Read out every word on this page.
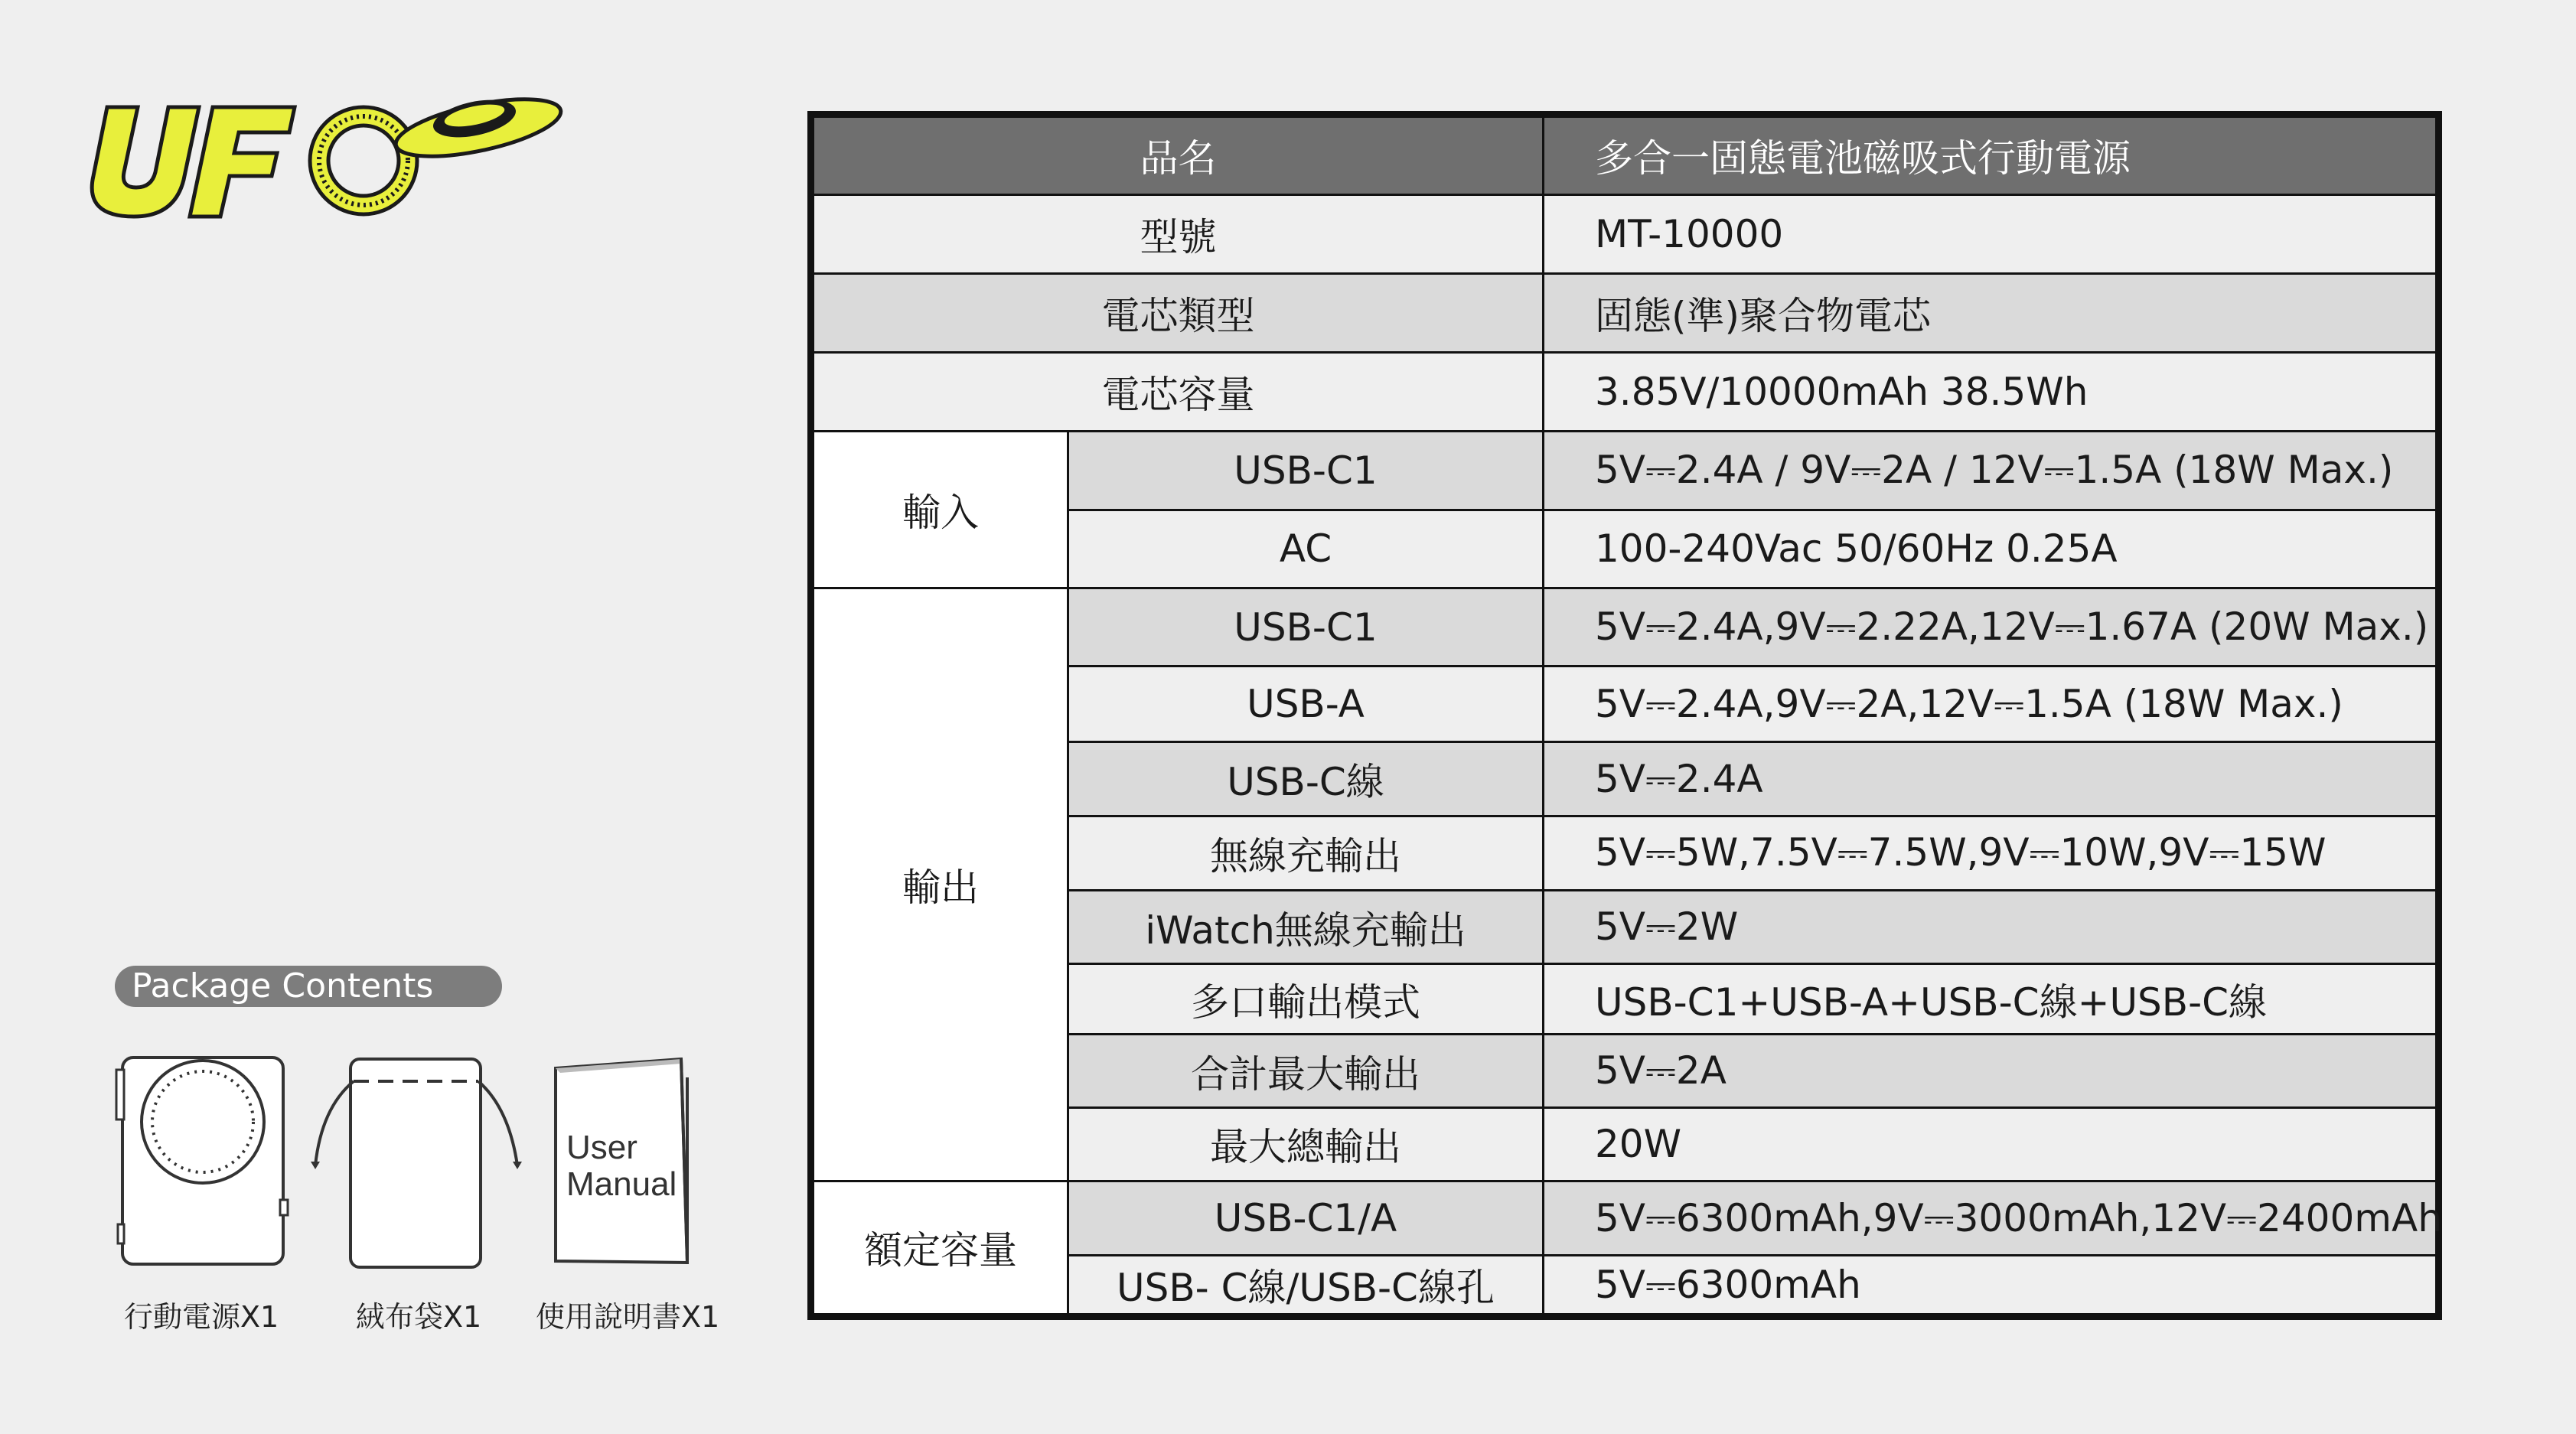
Package Contents
User
Manual
行動電源X1	絨布袋X1 使用說明書X1
品名		多合一固態電池磁吸式行動電源
型號		MT-10000
電芯類型		固態(準)聚合物電芯
電芯容量		3.85V/10000mAh 38.5Wh
輸入	USB-C1	5V⎓2.4A / 9V⎓2A / 12V⎓1.5A (18W Max.)
	AC	100-240Vac 50/60Hz 0.25A
輸出	USB-C1	5V⎓2.4A,9V⎓2.22A,12V⎓1.67A (20W Max.)
	USB-A	5V⎓2.4A,9V⎓2A,12V⎓1.5A (18W Max.)
	USB-C線	5V⎓2.4A
	無線充輸出	5V⎓5W,7.5V⎓7.5W,9V⎓10W,9V⎓15W
	iWatch無線充輸出	5V⎓2W
	多口輸出模式	USB-C1+USB-A+USB-C線+USB-C線
	合計最大輸出	5V⎓2A
	最大總輸出	20W
額定容量	USB-C1/A	5V⎓6300mAh,9V⎓3000mAh,12V⎓2400mAh
	USB- C線/USB-C線孔	5V⎓6300mAh
